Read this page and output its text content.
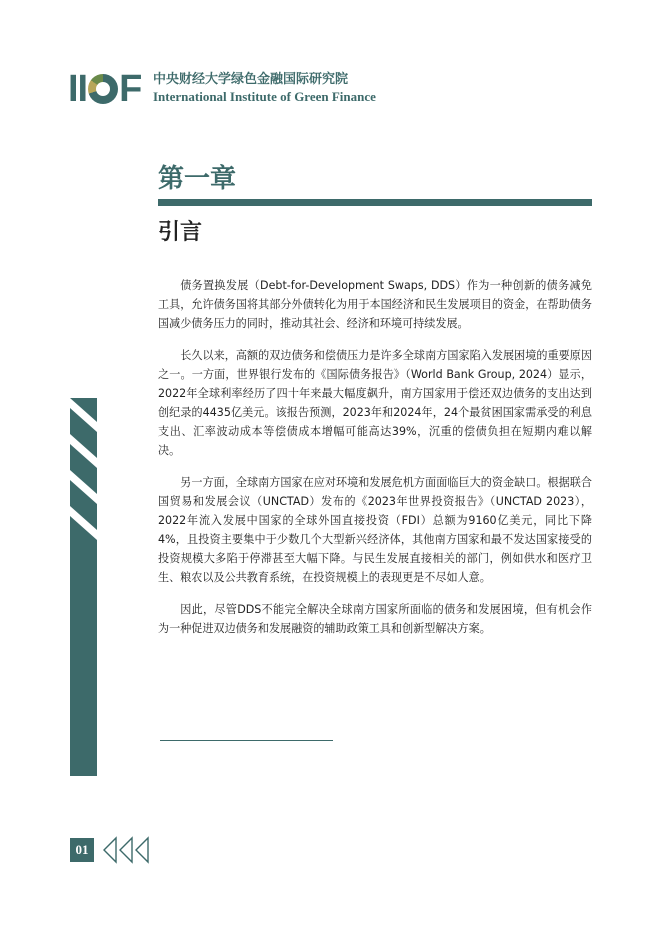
II F 中央财经大学绿色金融国际研究院
International Institute of Green Finance
第一章
引言

债务置换发展（Debt-for-Development Swaps, DDS）作为一种创新的债务减免工具，允许债务国将其部分外债转化为用于本国经济和民生发展项目的资金，在帮助债务国减少债务压力的同时，推动其社会、经济和环境可持续发展。

长久以来，高额的双边债务和偿债压力是许多全球南方国家陷入发展困境的重要原因之一。一方面，世界银行发布的《国际债务报告》（World Bank Group, 2024）显示，2022年全球利率经历了四十年来最大幅度飙升，南方国家用于偿还双边债务的支出达到创纪录的4435亿美元。该报告预测，2023年和2024年，24个最贫困国家需承受的利息支出、汇率波动成本等偿债成本增幅可能高达39%，沉重的偿债负担在短期内难以解决。

另一方面，全球南方国家在应对环境和发展危机方面面临巨大的资金缺口。根据联合国贸易和发展会议（UNCTAD）发布的《2023年世界投资报告》（UNCTAD 2023），2022年流入发展中国家的全球外国直接投资（FDI）总额为9160亿美元，同比下降4%，且投资主要集中于少数几个大型新兴经济体，其他南方国家和最不发达国家接受的投资规模大多陷于停滞甚至大幅下降。与民生发展直接相关的部门，例如供水和医疗卫生、粮农以及公共教育系统，在投资规模上的表现更是不尽如人意。

因此，尽管DDS不能完全解决全球南方国家所面临的债务和发展困境，但有机会作为一种促进双边债务和发展融资的辅助政策工具和创新型解决方案。

01
